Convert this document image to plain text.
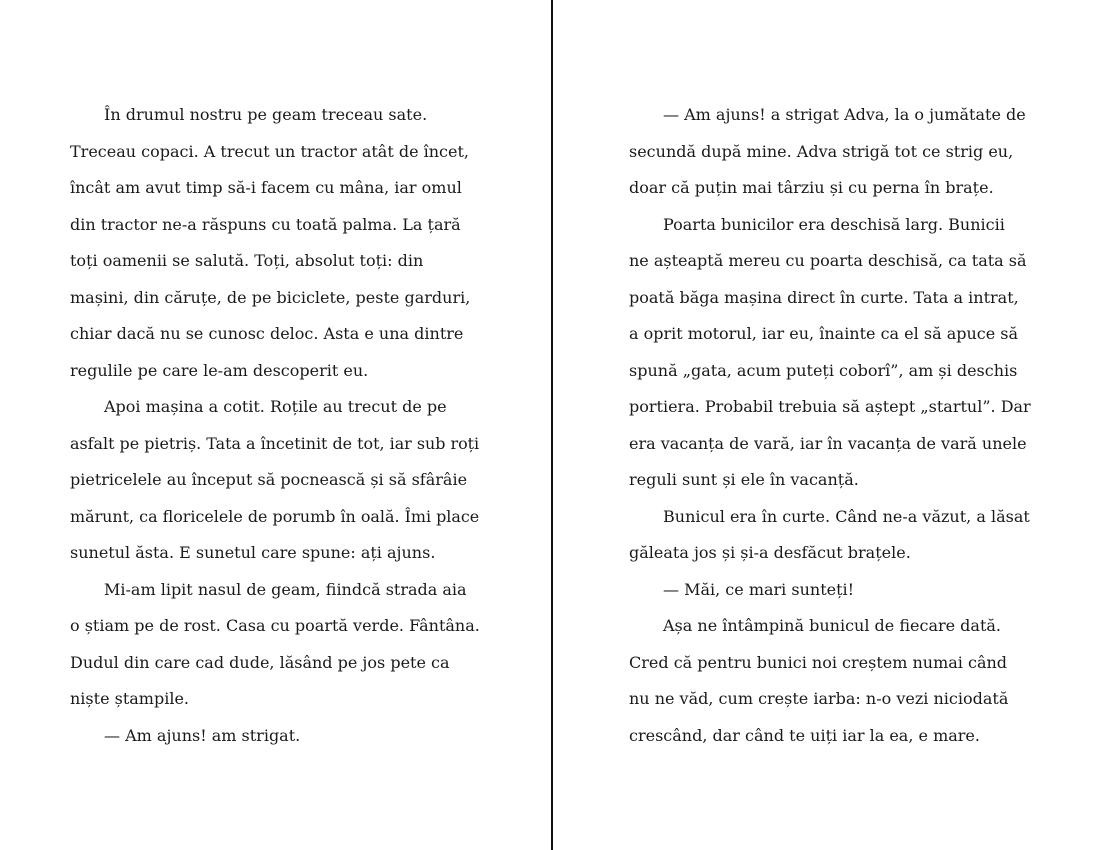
În drumul nostru pe geam treceau sate.

Treceau copaci. A trecut un tractor atât de încet,

încât am avut timp să-i facem cu mâna, iar omul

din tractor ne-a răspuns cu toată palma. La țară

toți oamenii se salută. Toți, absolut toți: din

mașini, din căruțe, de pe biciclete, peste garduri,

chiar dacă nu se cunosc deloc. Asta e una dintre

regulile pe care le-am descoperit eu.

Apoi mașina a cotit. Roțile au trecut de pe

asfalt pe pietriș. Tata a încetinit de tot, iar sub roți

pietricelele au început să pocnească și să sfârâie

mărunt, ca floricelele de porumb în oală. Îmi place

sunetul ăsta. E sunetul care spune: ați ajuns.

Mi-am lipit nasul de geam, fiindcă strada aia

o știam pe de rost. Casa cu poartă verde. Fântâna.

Dudul din care cad dude, lăsând pe jos pete ca

niște ștampile.

— Am ajuns! am strigat.

— Am ajuns! a strigat Adva, la o jumătate de

secundă după mine. Adva strigă tot ce strig eu,

doar că puțin mai târziu și cu perna în brațe.

Poarta bunicilor era deschisă larg. Bunicii

ne așteaptă mereu cu poarta deschisă, ca tata să

poată băga mașina direct în curte. Tata a intrat,

a oprit motorul, iar eu, înainte ca el să apuce să

spună „gata, acum puteți coborî”, am și deschis

portiera. Probabil trebuia să aștept „startul”. Dar

era vacanța de vară, iar în vacanța de vară unele

reguli sunt și ele în vacanță.

Bunicul era în curte. Când ne-a văzut, a lăsat

găleata jos și și-a desfăcut brațele.

— Măi, ce mari sunteți!

Așa ne întâmpină bunicul de fiecare dată.

Cred că pentru bunici noi creștem numai când

nu ne văd, cum crește iarba: n-o vezi niciodată

crescând, dar când te uiți iar la ea, e mare.
